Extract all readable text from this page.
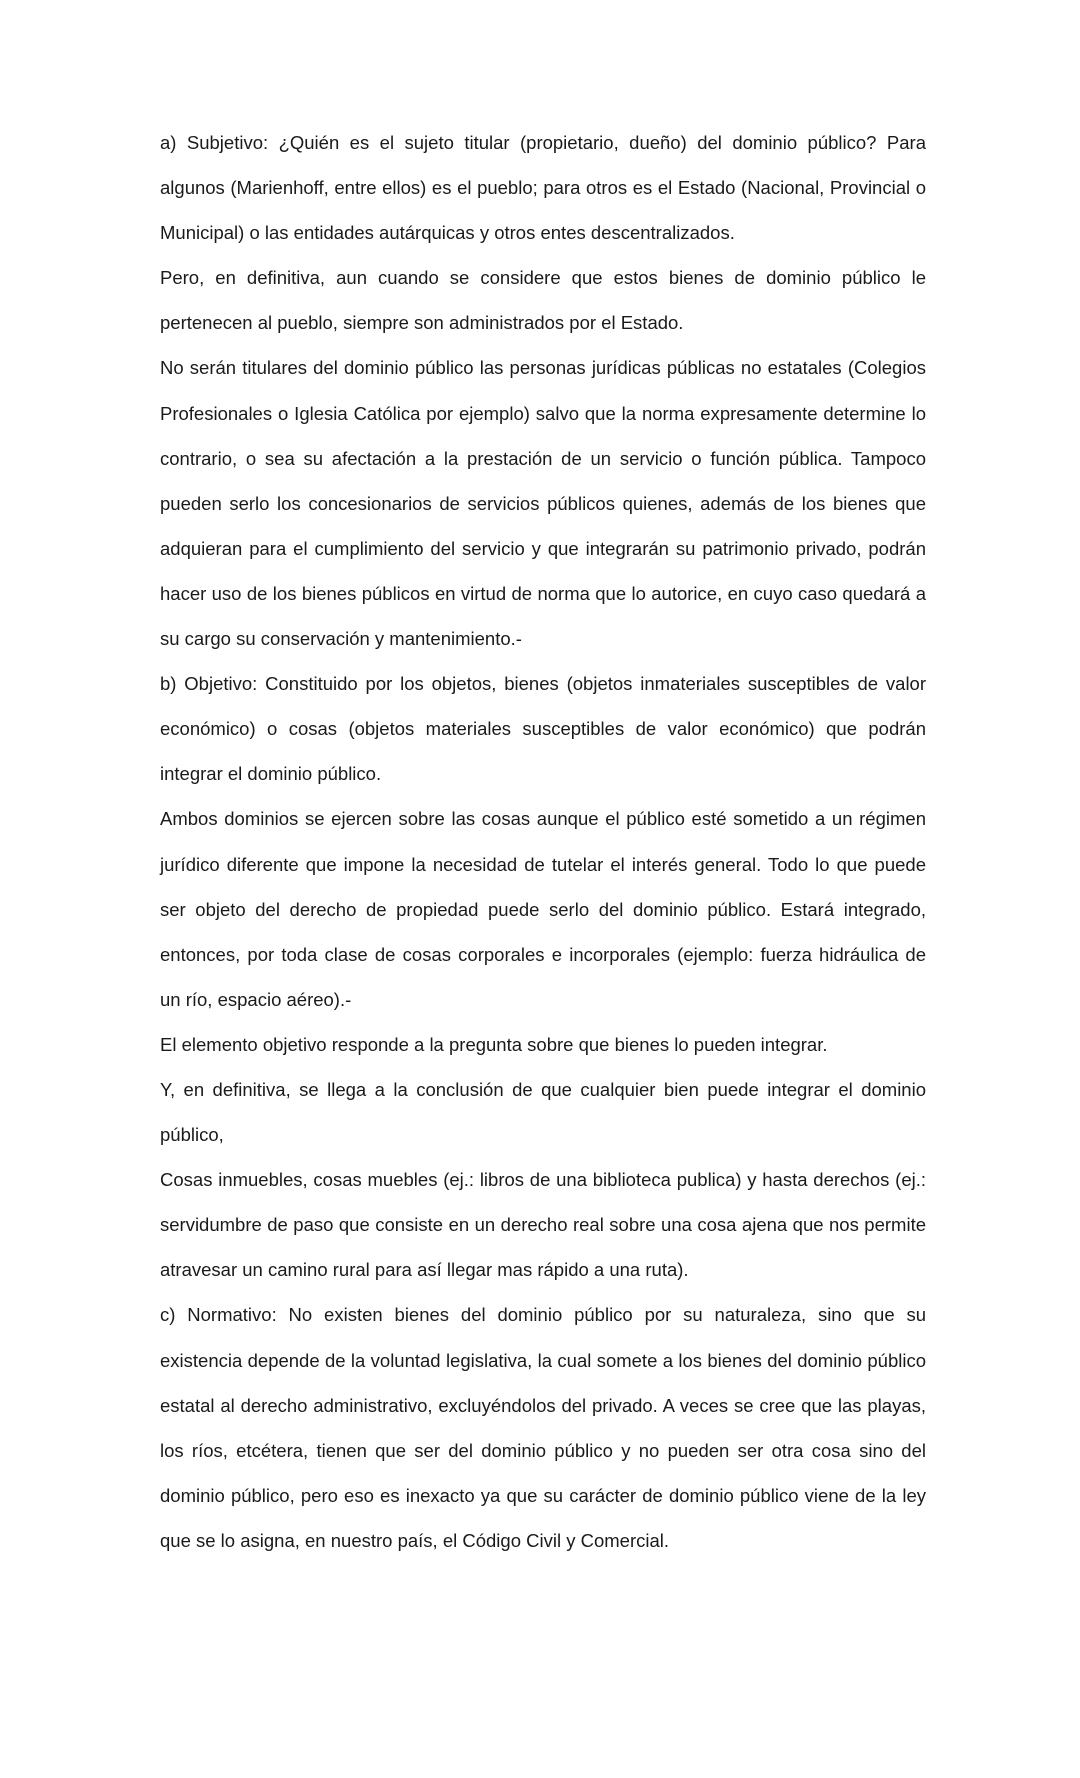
a) Subjetivo: ¿Quién es el sujeto titular (propietario, dueño) del dominio público? Para algunos (Marienhoff, entre ellos) es el pueblo; para otros es el Estado (Nacional, Provincial o Municipal) o las entidades autárquicas y otros entes descentralizados.

Pero, en definitiva, aun cuando se considere que estos bienes de dominio público le pertenecen al pueblo, siempre son administrados por el Estado.

No serán titulares del dominio público las personas jurídicas públicas no estatales (Colegios Profesionales o Iglesia Católica por ejemplo) salvo que la norma expresamente determine lo contrario, o sea su afectación a la prestación de un servicio o función pública. Tampoco pueden serlo los concesionarios de servicios públicos quienes, además de los bienes que adquieran para el cumplimiento del servicio y que integrarán su patrimonio privado, podrán hacer uso de los bienes públicos en virtud de norma que lo autorice, en cuyo caso quedará a su cargo su conservación y mantenimiento.-

b) Objetivo: Constituido por los objetos, bienes (objetos inmateriales susceptibles de valor económico) o cosas (objetos materiales susceptibles de valor económico) que podrán integrar el dominio público.

Ambos dominios se ejercen sobre las cosas aunque el público esté sometido a un régimen jurídico diferente que impone la necesidad de tutelar el interés general. Todo lo que puede ser objeto del derecho de propiedad puede serlo del dominio público. Estará integrado, entonces, por toda clase de cosas corporales e incorporales (ejemplo: fuerza hidráulica de un río, espacio aéreo).-

El elemento objetivo responde a la pregunta sobre que bienes lo pueden integrar.

Y, en definitiva, se llega a la conclusión de que cualquier bien puede integrar el dominio público,

Cosas inmuebles, cosas muebles (ej.: libros de una biblioteca publica) y hasta derechos (ej.: servidumbre de paso que consiste en un derecho real sobre una cosa ajena que nos permite atravesar un camino rural para así llegar mas rápido a una ruta).

c) Normativo: No existen bienes del dominio público por su naturaleza, sino que su existencia depende de la voluntad legislativa, la cual somete a los bienes del dominio público estatal al derecho administrativo, excluyéndolos del privado. A veces se cree que las playas, los ríos, etcétera, tienen que ser del dominio público y no pueden ser otra cosa sino del dominio público, pero eso es inexacto ya que su carácter de dominio público viene de la ley que se lo asigna, en nuestro país, el Código Civil y Comercial.
